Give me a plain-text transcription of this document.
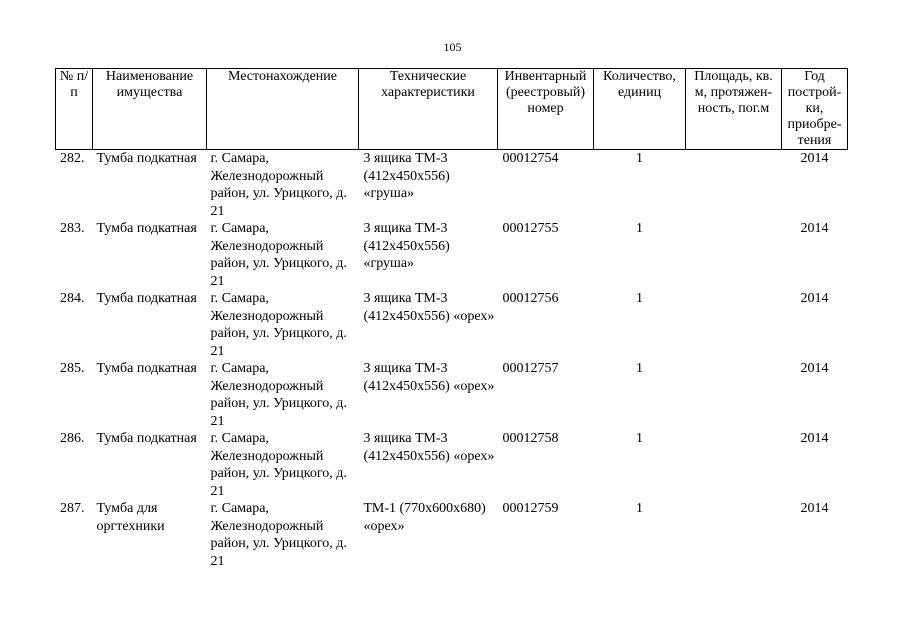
105
№ п/п	Наименование имущества	Местонахождение	Технические характеристики	Инвентарный (реестровый) номер	Количество, единиц	Площадь, кв. м, протяжен-ность, пог.м	Год построй-ки, приобре-тения
282.	Тумба подкатная	г. Самара, Железнодорожный район, ул. Урицкого, д. 21	3 ящика ТМ-3 (412х450х556) «груша»	00012754	1		2014
283.	Тумба подкатная	г. Самара, Железнодорожный район, ул. Урицкого, д. 21	3 ящика ТМ-3 (412х450х556) «груша»	00012755	1		2014
284.	Тумба подкатная	г. Самара, Железнодорожный район, ул. Урицкого, д. 21	3 ящика ТМ-3 (412х450х556) «орех»	00012756	1		2014
285.	Тумба подкатная	г. Самара, Железнодорожный район, ул. Урицкого, д. 21	3 ящика ТМ-3 (412х450х556) «орех»	00012757	1		2014
286.	Тумба подкатная	г. Самара, Железнодорожный район, ул. Урицкого, д. 21	3 ящика ТМ-3 (412х450х556) «орех»	00012758	1		2014
287.	Тумба для оргтехники	г. Самара, Железнодорожный район, ул. Урицкого, д. 21	ТМ-1 (770х600х680) «орех»	00012759	1		2014
